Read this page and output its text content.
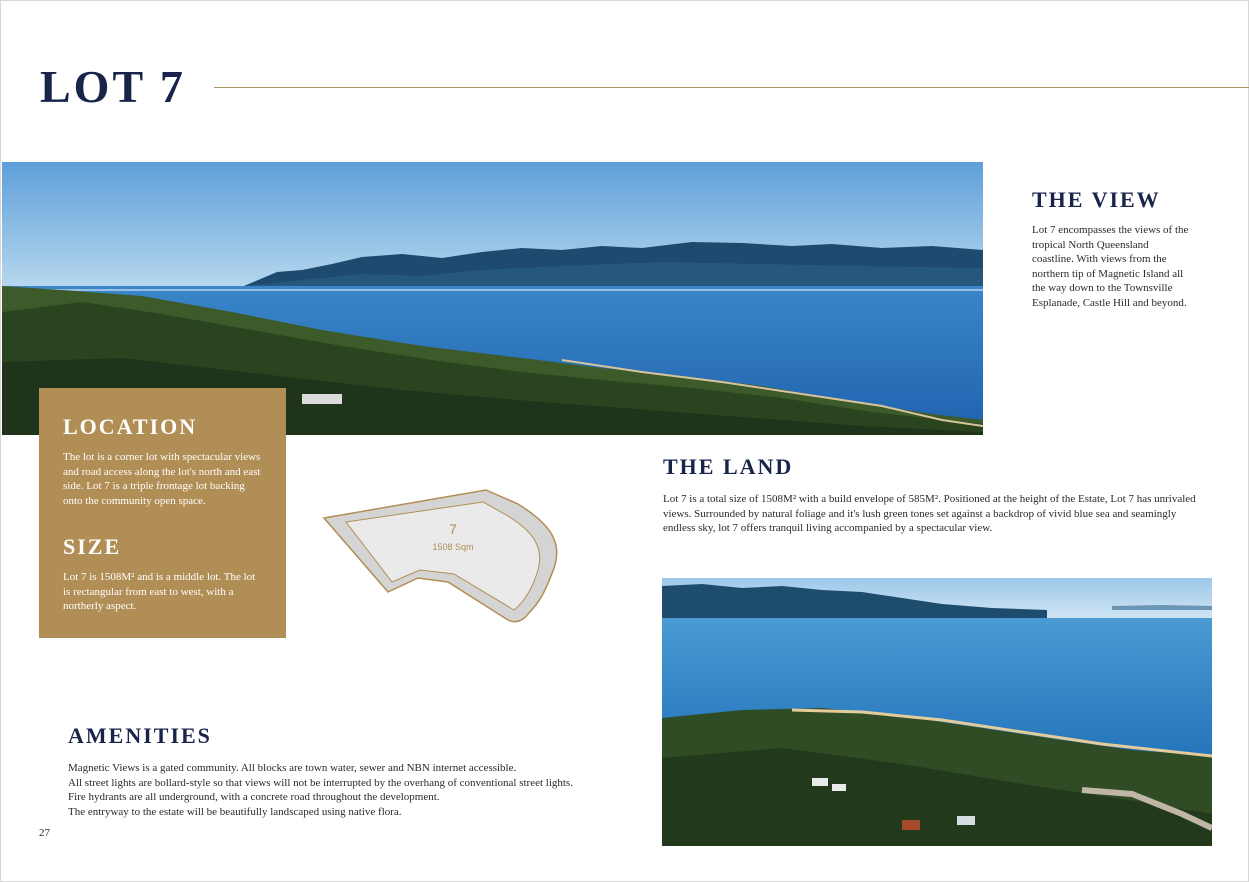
LOT 7
THE VIEW

Lot 7 encompasses the views of the tropical North Queensland coastline. With views from the northern tip of Magnetic Island all the way down to the Townsville Esplanade, Castle Hill and beyond.

LOCATION

The lot is a corner lot with spectacular views and road access along the lot's north and east side. Lot 7 is a triple frontage lot backing onto the community open space.

SIZE

Lot 7 is 1508M² and is a middle lot. The lot is rectangular from east to west, with a northerly aspect.

7
1508 Sqm
THE LAND

Lot 7 is a total size of 1508M² with a build envelope of 585M². Positioned at the height of the Estate, Lot 7 has unrivaled views. Surrounded by natural foliage and it's lush green tones set against a backdrop of vivid blue sea and seamingly endless sky, lot 7 offers tranquil living accompanied by a spectacular view.

AMENITIES

Magnetic Views is a gated community. All blocks are town water, sewer and NBN internet accessible.
All street lights are bollard-style so that views will not be interrupted by the overhang of conventional street lights. Fire hydrants are all underground, with a concrete road throughout the development.
The entryway to the estate will be beautifully landscaped using native flora.

27
